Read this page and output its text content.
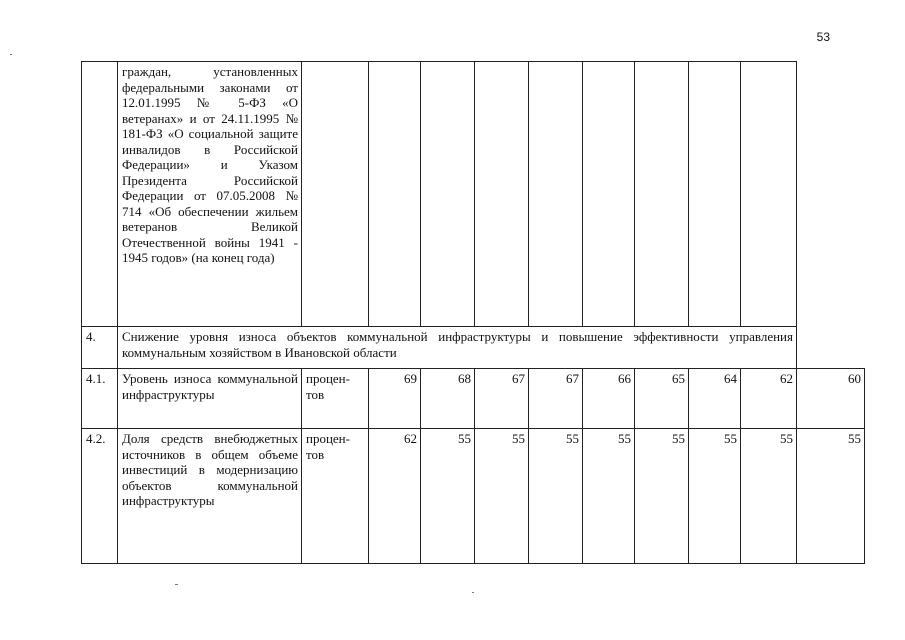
53
	граждан, установленных федеральными законами от 12.01.1995 № 5-ФЗ «О ветеранах» и от 24.11.1995 № 181-ФЗ «О социальной защите инвалидов в Российской Федерации» и Указом Президента Российской Федерации от 07.05.2008 № 714 «Об обеспечении жильем ветеранов Великой Отечественной войны 1941 - 1945 годов» (на конец года)										
4.	Снижение уровня износа объектов коммунальной инфраструктуры и повышение эффективности управления коммунальным хозяйством в Ивановской области										
4.1.	Уровень износа коммунальной инфраструктуры	процен-тов	69	68	67	67	66	65	64	62	60
4.2.	Доля средств внебюджетных источников в общем объеме инвестиций в модернизацию объектов коммунальной инфраструктуры	процен-тов	62	55	55	55	55	55	55	55	55
